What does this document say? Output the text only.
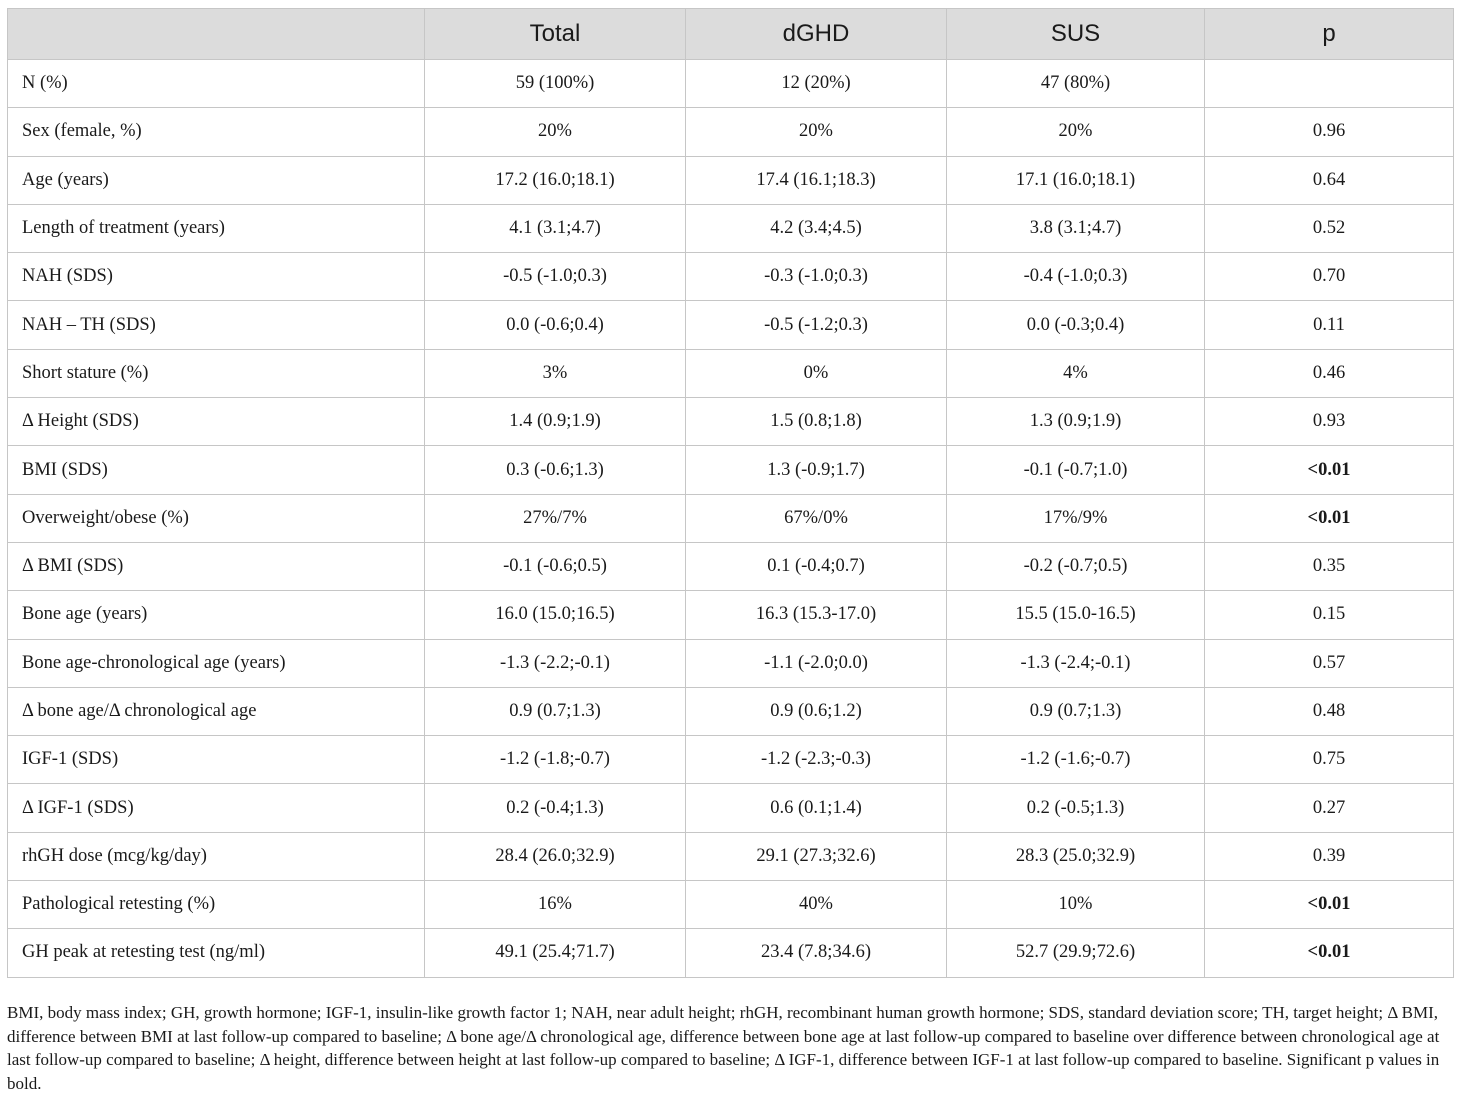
	Total	dGHD	SUS	p
N (%)	59 (100%)	12 (20%)	47 (80%)	
Sex (female, %)	20%	20%	20%	0.96
Age (years)	17.2 (16.0;18.1)	17.4 (16.1;18.3)	17.1 (16.0;18.1)	0.64
Length of treatment (years)	4.1 (3.1;4.7)	4.2 (3.4;4.5)	3.8 (3.1;4.7)	0.52
NAH (SDS)	-0.5 (-1.0;0.3)	-0.3 (-1.0;0.3)	-0.4 (-1.0;0.3)	0.70
NAH – TH (SDS)	0.0 (-0.6;0.4)	-0.5 (-1.2;0.3)	0.0 (-0.3;0.4)	0.11
Short stature (%)	3%	0%	4%	0.46
Δ Height (SDS)	1.4 (0.9;1.9)	1.5 (0.8;1.8)	1.3 (0.9;1.9)	0.93
BMI (SDS)	0.3 (-0.6;1.3)	1.3 (-0.9;1.7)	-0.1 (-0.7;1.0)	<0.01
Overweight/obese (%)	27%/7%	67%/0%	17%/9%	<0.01
Δ BMI (SDS)	-0.1 (-0.6;0.5)	0.1 (-0.4;0.7)	-0.2 (-0.7;0.5)	0.35
Bone age (years)	16.0 (15.0;16.5)	16.3 (15.3-17.0)	15.5 (15.0-16.5)	0.15
Bone age-chronological age (years)	-1.3 (-2.2;-0.1)	-1.1 (-2.0;0.0)	-1.3 (-2.4;-0.1)	0.57
Δ bone age/Δ chronological age	0.9 (0.7;1.3)	0.9 (0.6;1.2)	0.9 (0.7;1.3)	0.48
IGF-1 (SDS)	-1.2 (-1.8;-0.7)	-1.2 (-2.3;-0.3)	-1.2 (-1.6;-0.7)	0.75
Δ IGF-1 (SDS)	0.2 (-0.4;1.3)	0.6 (0.1;1.4)	0.2 (-0.5;1.3)	0.27
rhGH dose (mcg/kg/day)	28.4 (26.0;32.9)	29.1 (27.3;32.6)	28.3 (25.0;32.9)	0.39
Pathological retesting (%)	16%	40%	10%	<0.01
GH peak at retesting test (ng/ml)	49.1 (25.4;71.7)	23.4 (7.8;34.6)	52.7 (29.9;72.6)	<0.01

BMI, body mass index; GH, growth hormone; IGF-1, insulin-like growth factor 1; NAH, near adult height; rhGH, recombinant human growth hormone; SDS, standard deviation score; TH, target height; Δ BMI, difference between BMI at last follow-up compared to baseline; Δ bone age/Δ chronological age, difference between bone age at last follow-up compared to baseline over difference between chronological age at last follow-up compared to baseline; Δ height, difference between height at last follow-up compared to baseline; Δ IGF-1, difference between IGF-1 at last follow-up compared to baseline. Significant p values in bold.
